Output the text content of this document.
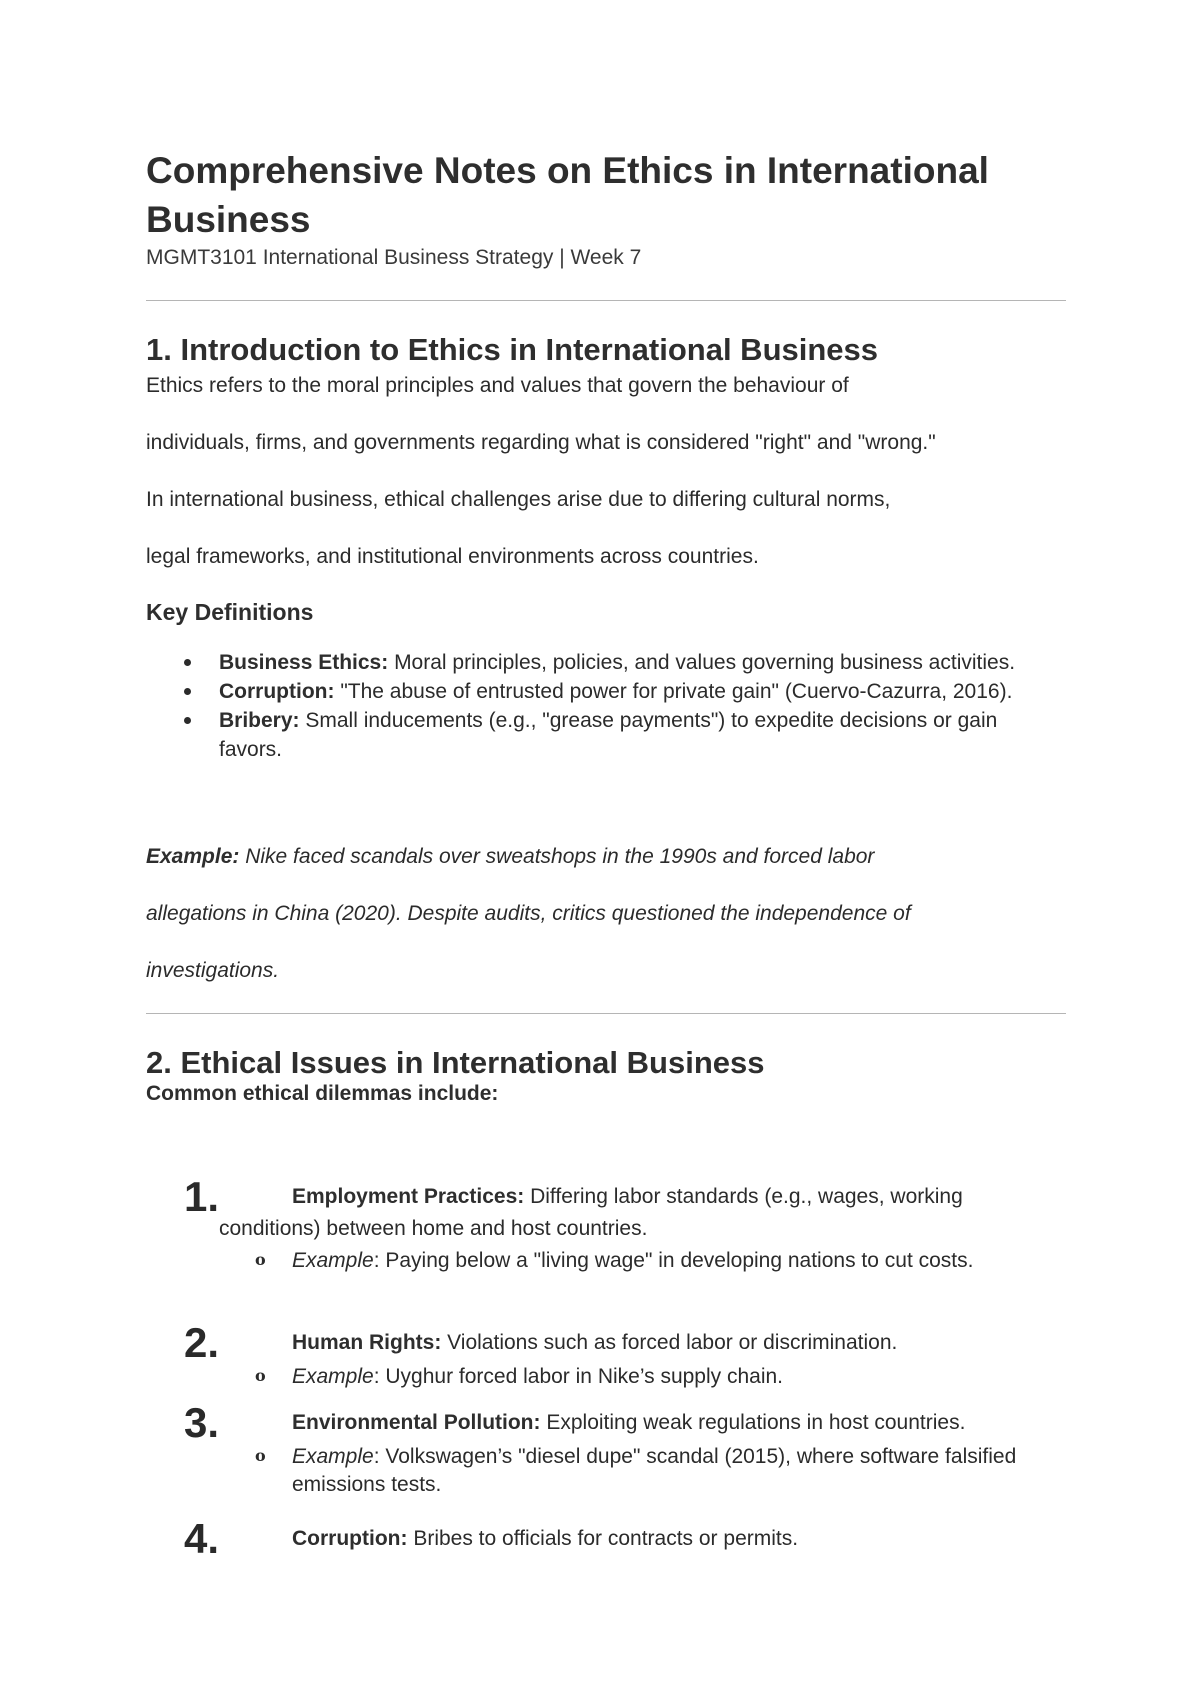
Comprehensive Notes on Ethics in International Business

MGMT3101 International Business Strategy | Week 7

1. Introduction to Ethics in International Business

Ethics refers to the moral principles and values that govern the behaviour of

individuals, firms, and governments regarding what is considered "right" and "wrong."

In international business, ethical challenges arise due to differing cultural norms,

legal frameworks, and institutional environments across countries.

Key Definitions
Business Ethics: Moral principles, policies, and values governing business activities.
Corruption: "The abuse of entrusted power for private gain" (Cuervo-Cazurra, 2016).
Bribery: Small inducements (e.g., "grease payments") to expedite decisions or gain favors.

Example: Nike faced scandals over sweatshops in the 1990s and forced labor

allegations in China (2020). Despite audits, critics questioned the independence of

investigations.

2. Ethical Issues in International Business

Common ethical dilemmas include:

1.	Employment Practices: Differing labor standards (e.g., wages, working
conditions) between home and host countries.
o Example: Paying below a "living wage" in developing nations to cut costs.
2.	Human Rights: Violations such as forced labor or discrimination.
o Example: Uyghur forced labor in Nike’s supply chain.
3.	Environmental Pollution: Exploiting weak regulations in host countries.
o Example: Volkswagen’s "diesel dupe" scandal (2015), where software falsified emissions tests.
4.	Corruption: Bribes to officials for contracts or permits.
